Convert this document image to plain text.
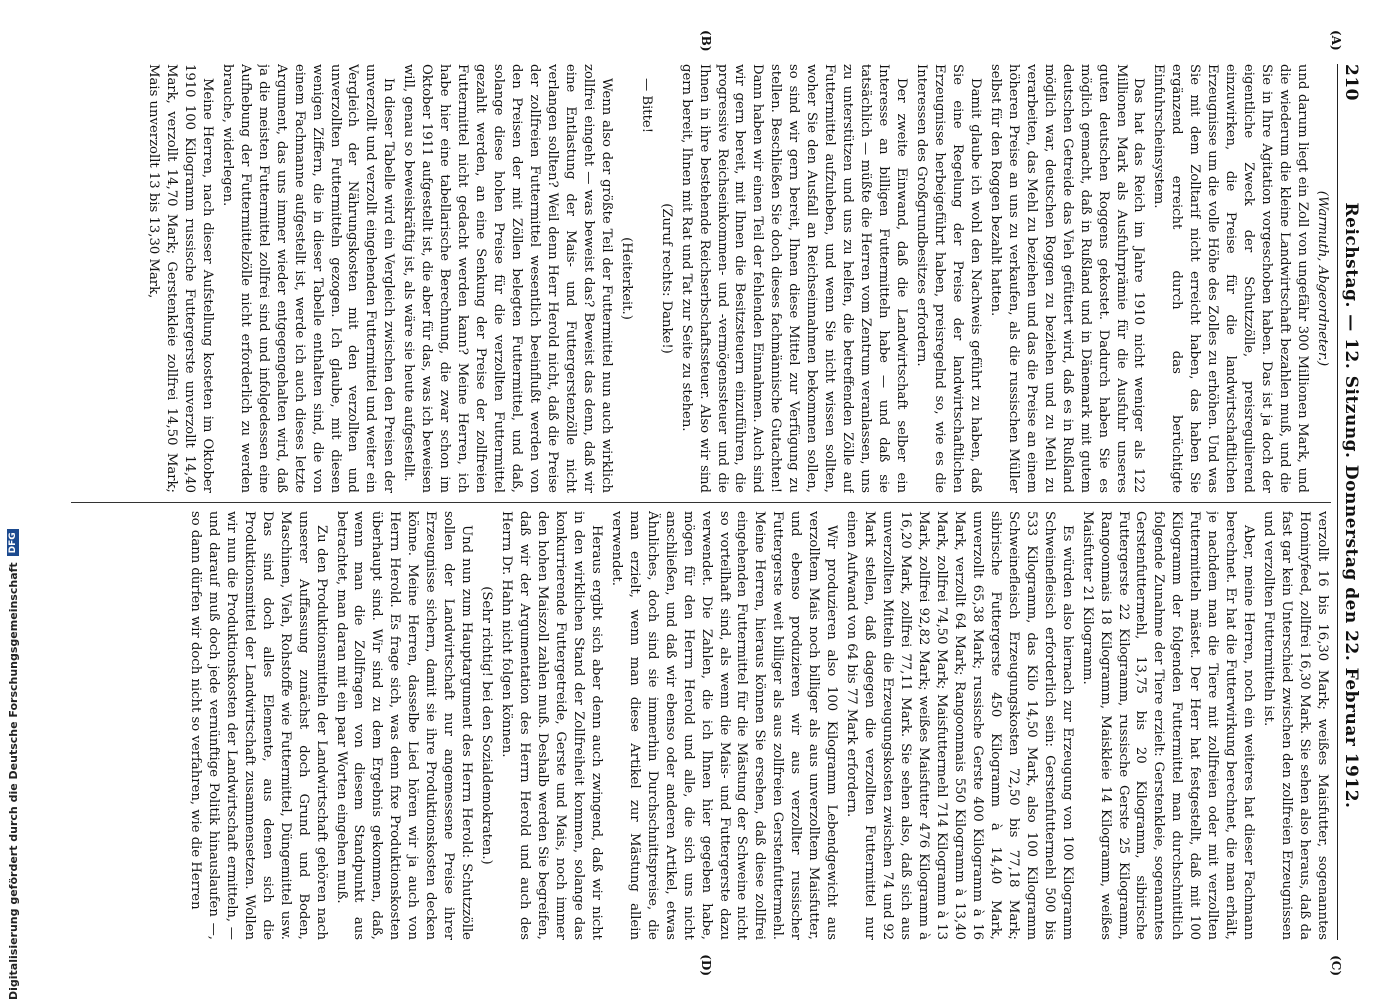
210
Reichstag. — 12. Sitzung. Donnerstag den 22. Februar 1912.

(Warmuth, Abgeordneter.)

und darum liegt ein Zoll von ungefähr 300 Millionen Mark, und die wiederum die kleine Landwirtschaft bezahlen muß, und die Sie in Ihre Agitation vorgeschoben haben. Das ist ja doch der eigentliche Zweck der Schutzzölle, preisregulierend einzuwirken, die Preise für die landwirtschaftlichen Erzeugnisse um die volle Höhe des Zolles zu erhöhen. Und was Sie mit dem Zolltarif nicht erreicht haben, das haben Sie ergänzend erreicht durch das berüchtigte Einfuhrscheinsystem.

Das hat das Reich im Jahre 1910 nicht weniger als 122 Millionen Mark als Ausfuhrprämie für die Ausfuhr unseres guten deutschen Roggens gekostet. Dadurch haben Sie es möglich gemacht, daß in Rußland und in Dänemark mit gutem deutschen Getreide das Vieh gefüttert wird, daß es in Rußland möglich war, deutschen Roggen zu beziehen und zu Mehl zu verarbeiten, das Mehl zu beziehen und das die Preise an einem höheren Preise an uns zu verkaufen, als die russischen Müller selbst für den Roggen bezahlt hatten.

Damit glaube ich wohl den Nachweis geführt zu haben, daß Sie eine Regelung der Preise der landwirtschaftlichen Erzeugnisse herbeigeführt haben, preisregelnd so, wie es die Interessen des Großgrundbesitzes erfordern.

Der zweite Einwand, daß die Landwirtschaft selber ein Interesse an billigen Futtermitteln habe — und daß sie tatsächlich — müßte die Herren vom Zentrum veranlassen, uns zu unterstützen und uns zu helfen, die betreffenden Zölle auf Futtermittel aufzuheben, und wenn Sie nicht wissen sollten, woher Sie den Ausfall an Reichseinnahmen bekommen sollen, so sind wir gern bereit, Ihnen diese Mittel zur Verfügung zu stellen. Beschließen Sie doch dieses fachmännische Gutachten! Dann haben wir einen Teil der fehlenden Einnahmen. Auch sind wir gern bereit, mit Ihnen die Besitzsteuern einzuführen, die progressive Reichseinkommen- und -vermögenssteuer und die Ihnen in ihre bestehende Reichserbschaftssteuer. Also wir sind gern bereit, Ihnen mit Rat und Tat zur Seite zu stehen.

(Zuruf rechts: Danke!)

— Bitte!

(Heiterkeit.)

Wenn also der größte Teil der Futtermittel nun auch wirklich zollfrei eingeht — was beweist das? Beweist das denn, daß wir eine Entlastung der Mais- und Futtergerstenzölle nicht verlangen sollten? Weil denn Herr Herold nicht, daß die Preise der zollfreien Futtermittel wesentlich beeinflußt werden von den Preisen der mit Zöllen belegten Futtermittel, und daß, solange diese hohen Preise für die verzollten Futtermittel gezahlt werden, an eine Senkung der Preise der zollfreien Futtermittel nicht gedacht werden kann? Meine Herren, ich habe hier eine tabellarische Berechnung, die zwar schon im Oktober 1911 aufgestellt ist, die aber für das, was ich beweisen will, genau so beweiskräftig ist, als wäre sie heute aufgestellt.

In dieser Tabelle wird ein Vergleich zwischen den Preisen der unverzollt und verzollt eingehenden Futtermittel und weiter ein Vergleich der Nährungskosten mit den verzollten und unverzollten Futtermitteln gezogen. Ich glaube, mit diesen wenigen Ziffern, die in dieser Tabelle enthalten sind, die von einem Fachmanne aufgestellt ist, werde ich auch dieses letzte Argument, das uns immer wieder entgegengehalten wird, daß ja die meisten Futtermittel zollfrei sind und infolgedessen eine Aufhebung der Futtermittelzölle nicht erforderlich zu werden brauche, widerlegen.

Meine Herren, nach dieser Aufstellung kosteten im Oktober 1910 100 Kilogramm russische Futtergerste unverzollt 14,40 Mark, verzollt 14,70 Mark; Gerstenkleie zollfrei 14,50 Mark; Mais unverzollt 13 bis 13,30 Mark,

verzollt 16 bis 16,30 Mark; weißes Maisfutter, sogenanntes Hominyfeed, zollfrei 16,30 Mark. Sie sehen also heraus, daß da fast gar kein Unterschied zwischen den zollfreien Erzeugnissen und verzollten Futtermitteln ist.

Aber, meine Herren, noch ein weiteres hat dieser Fachmann berechnet. Er hat die Futterwirkung berechnet, die man erhält, je nachdem man die Tiere mit zollfreien oder mit verzollten Futtermitteln mästet. Der Herr hat festgestellt, daß mit 100 Kilogramm der folgenden Futtermittel man durchschnittlich folgende Zunahme der Tiere erzielt: Gerstenkleie, sogenanntes Gerstenfuttermehl, 13,75 bis 20 Kilogramm, sibirische Futtergerste 22 Kilogramm, russische Gerste 25 Kilogramm, Rangoonmais 18 Kilogramm, Maiskleie 14 Kilogramm, weißes Maisfutter 21 Kilogramm.

Es würden also hiernach zur Erzeugung von 100 Kilogramm Schweinefleisch erforderlich sein: Gerstenfuttermehl 500 bis 533 Kilogramm, das Kilo 14,50 Mark, also 100 Kilogramm Schweinefleisch Erzeugungskosten 72,50 bis 77,18 Mark; sibirische Futtergerste 450 Kilogramm à 14,40 Mark, unverzollt 65,38 Mark; russische Gerste 400 Kilogramm à 16 Mark, verzollt 64 Mark; Rangoonmais 550 Kilogramm à 13,40 Mark, zollfrei 74,50 Mark; Maisfuttermehl 714 Kilogramm à 13 Mark, zollfrei 92,82 Mark; weißes Maisfutter 476 Kilogramm à 16,20 Mark, zollfrei 77,11 Mark. Sie sehen also, daß sich aus unverzollten Mitteln die Erzeugungskosten zwischen 74 und 92 Mark stellen, daß dagegen die verzollten Futtermittel nur einen Aufwand von 64 bis 77 Mark erfordern.

Wir produzieren also 100 Kilogramm Lebendgewicht aus verzolltem Mais noch billiger als aus unverzolltem Maisfutter, und ebenso produzieren wir aus verzollter russischer Futtergerste weit billiger als aus zollfreien Gerstenfuttermehl. Meine Herren, hieraus können Sie ersehen, daß diese zollfrei eingehenden Futtermittel für die Mästung der Schweine nicht so vorteilhaft sind, als wenn die Mais- und Futtergerste dazu verwendet. Die Zahlen, die ich Ihnen hier gegeben habe, mögen für den Herrn Herold und alle, die sich uns nicht anschließen, und daß wir ebenso oder anderen Artikel, etwas Ähnliches, doch sind sie immerhin Durchschnittspreise, die man erzielt, wenn man diese Artikel zur Mästung allein verwendet.

Heraus ergibt sich aber denn auch zwingend, daß wir nicht in den wirklichen Stand der Zollfreiheit kommen, solange das konkurrierende Futtergetreide, Gerste und Mais, noch immer den hohen Maiszoll zahlen muß. Deshalb werden Sie begreifen, daß wir der Argumentation des Herrn Herold und auch des Herrn Dr. Hahn nicht folgen können.

(Sehr richtig! bei den Sozialdemokraten.)

Und nun zum Hauptargument des Herrn Herold: Schutzzölle sollen der Landwirtschaft nur angemessene Preise ihrer Erzeugnisse sichern, damit sie ihre Produktionskosten decken könne. Meine Herren, dasselbe Lied hören wir ja auch von Herrn Herold. Es frage sich, was denn fixe Produktionskosten überhaupt sind. Wir sind zu dem Ergebnis gekommen, daß, wenn man die Zollfragen von diesem Standpunkt aus betrachtet, man daran mit ein paar Worten eingehen muß.

Zu den Produktionsmitteln der Landwirtschaft gehören nach unserer Auffassung zunächst doch Grund und Boden, Maschinen, Vieh, Rohstoffe wie Futtermittel, Düngemittel usw. Das sind doch alles Elemente, aus denen sich die Produktionsmittel der Landwirtschaft zusammensetzen. Wollen wir nun die Produktionskosten der Landwirtschaft ermitteln, — und darauf muß doch jede vernünftige Politik hinauslaufen —, so dann dürfen wir doch nicht so verfahren, wie die Herren

(A)
(B)
(C)
(D)
Digitalisierung gefördert durch die Deutsche Forschungsgemeinschaft
DFG
